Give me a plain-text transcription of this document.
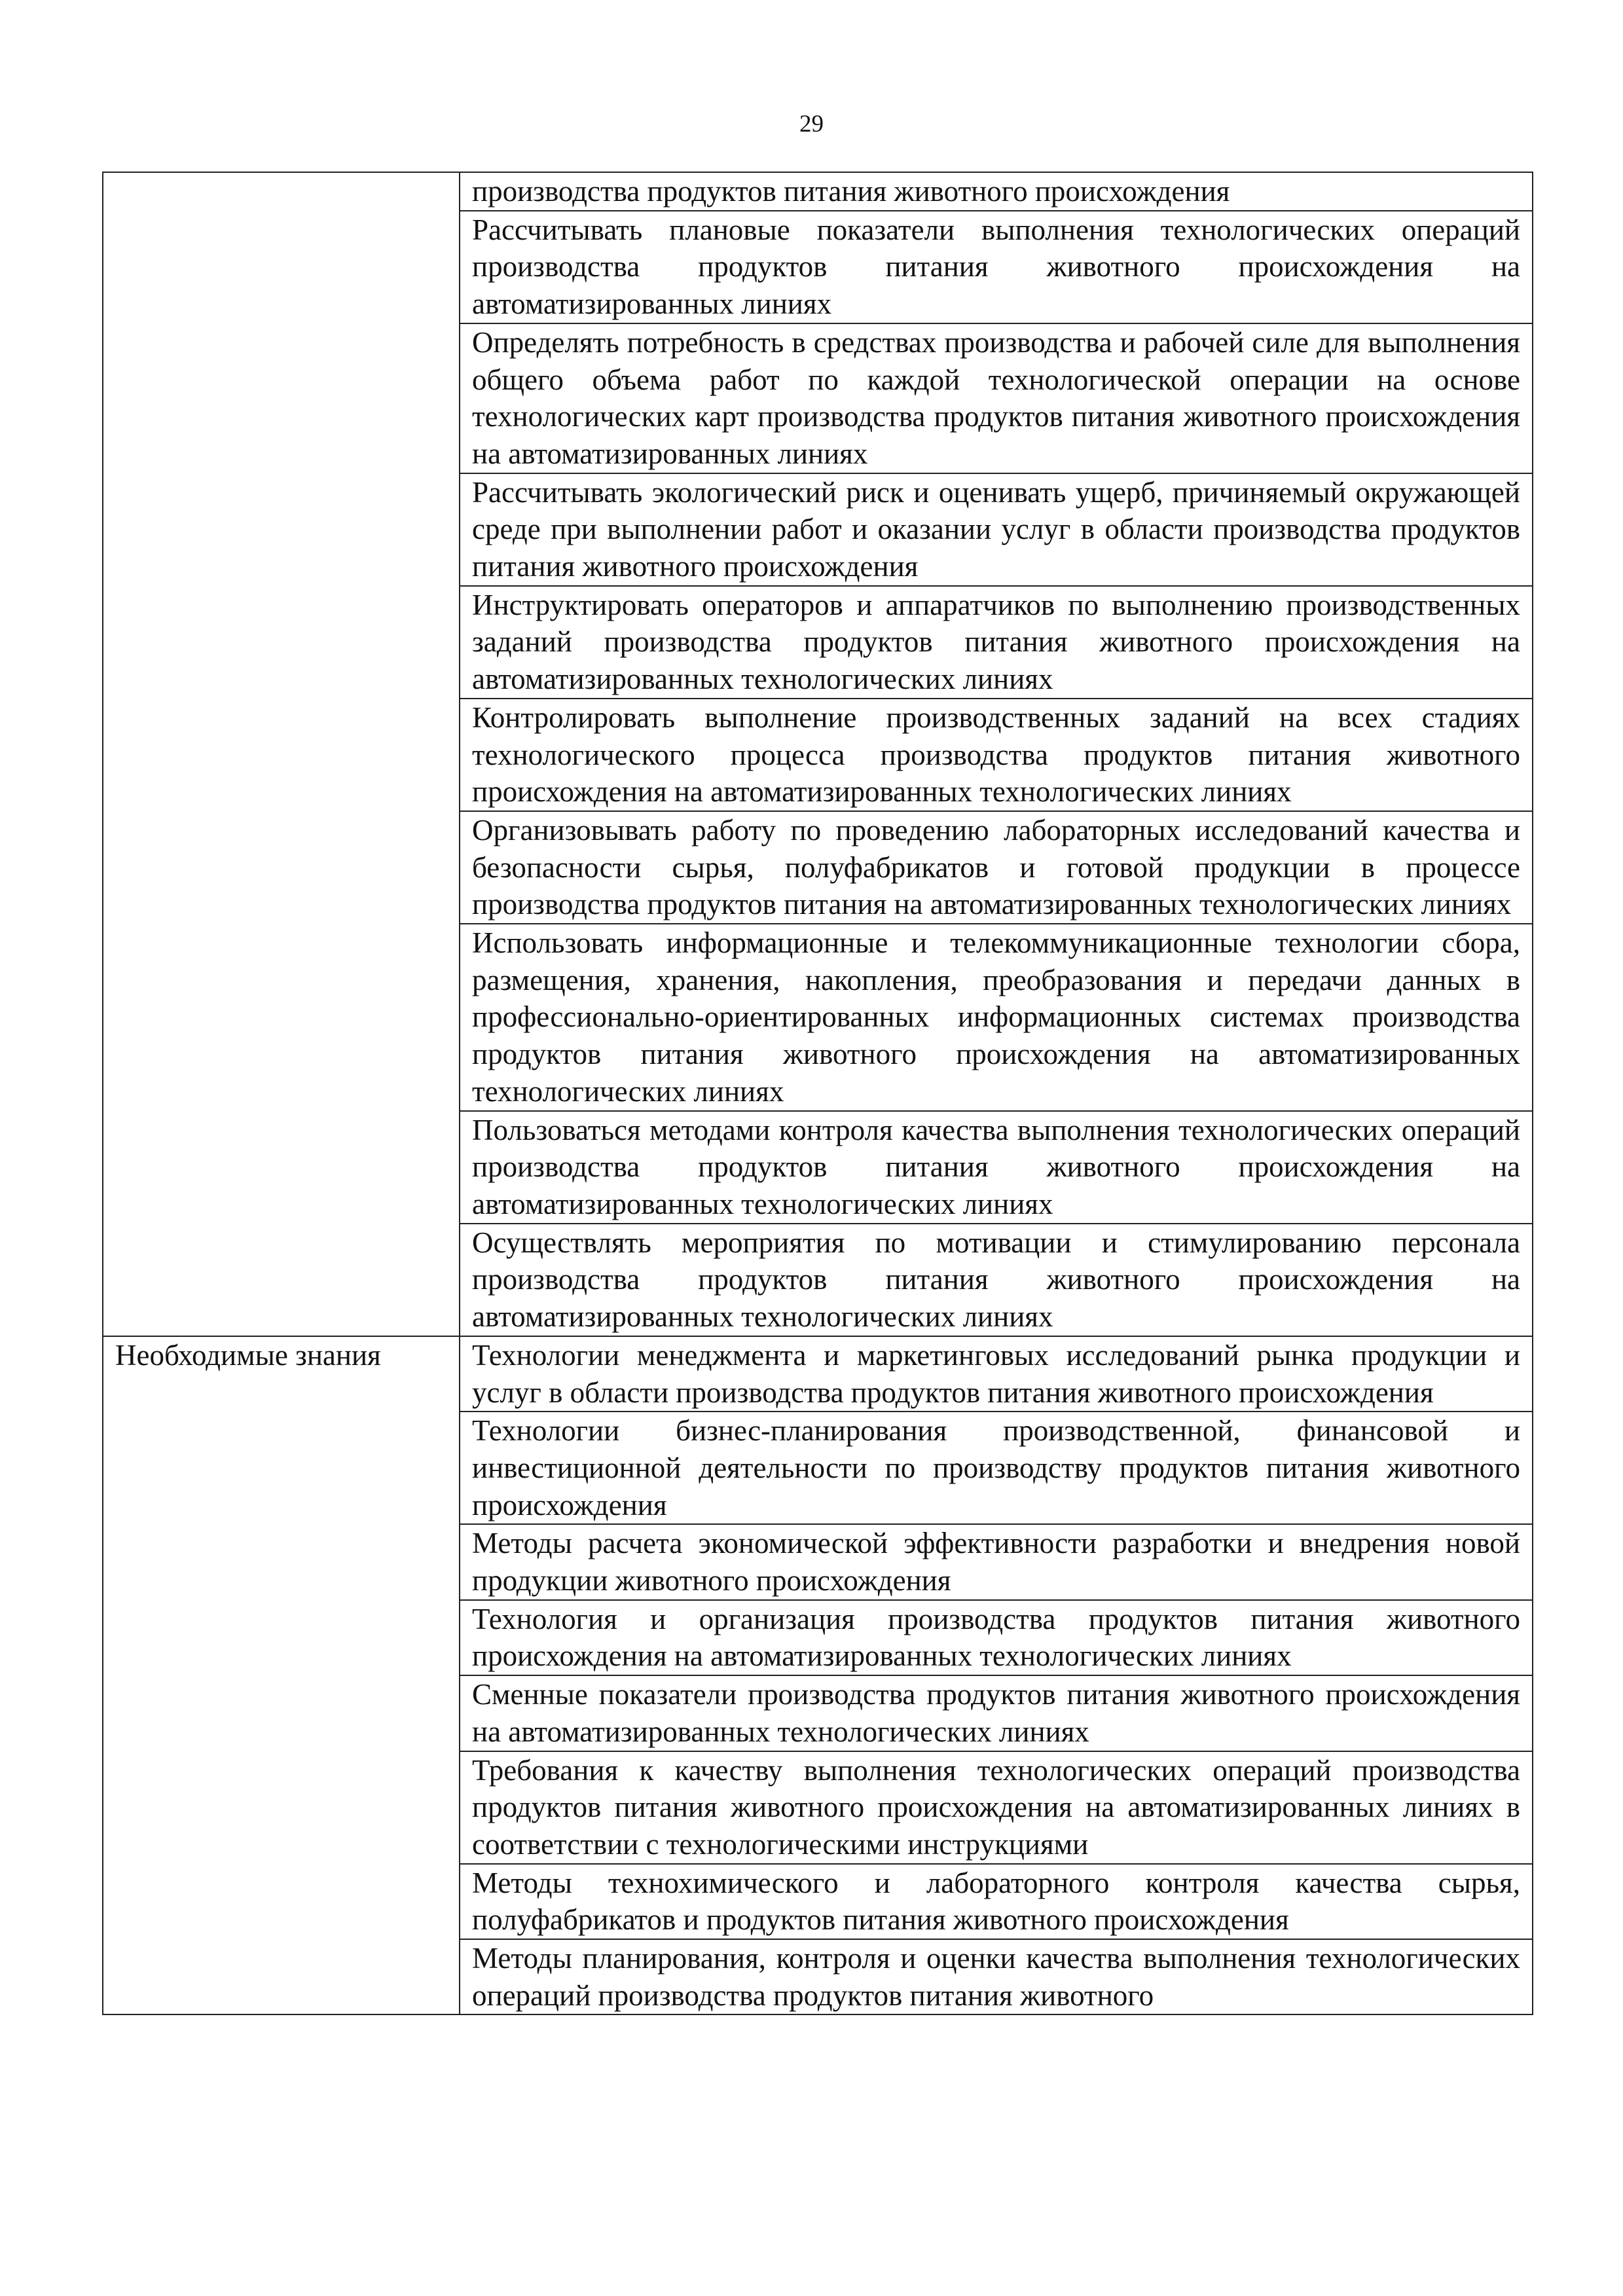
29

	производства продуктов питания животного происхождения

	Рассчитывать плановые показатели выполнения технологических операций производства продуктов питания животного происхождения на автоматизированных линиях

	Определять потребность в средствах производства и рабочей силе для выполнения общего объема работ по каждой технологической операции на основе технологических карт производства продуктов питания животного происхождения на автоматизированных линиях

	Рассчитывать экологический риск и оценивать ущерб, причиняемый окружающей среде при выполнении работ и оказании услуг в области производства продуктов питания животного происхождения

	Инструктировать операторов и аппаратчиков по выполнению производственных заданий производства продуктов питания животного происхождения на автоматизированных технологических линиях

	Контролировать выполнение производственных заданий на всех стадиях технологического процесса производства продуктов питания животного происхождения на автоматизированных технологических линиях

	Организовывать работу по проведению лабораторных исследований качества и безопасности сырья, полуфабрикатов и готовой продукции в процессе производства продуктов питания на автоматизированных технологических линиях

	Использовать информационные и телекоммуникационные технологии сбора, размещения, хранения, накопления, преобразования и передачи данных в профессионально-ориентированных информационных системах производства продуктов питания животного происхождения на автоматизированных технологических линиях

	Пользоваться методами контроля качества выполнения технологических операций производства продуктов питания животного происхождения на автоматизированных технологических линиях

	Осуществлять мероприятия по мотивации и стимулированию персонала производства продуктов питания животного происхождения на автоматизированных технологических линиях

Необходимые знания	Технологии менеджмента и маркетинговых исследований рынка продукции и услуг в области производства продуктов питания животного происхождения

	Технологии бизнес-планирования производственной, финансовой и инвестиционной деятельности по производству продуктов питания животного происхождения

	Методы расчета экономической эффективности разработки и внедрения новой продукции животного происхождения

	Технология и организация производства продуктов питания животного происхождения на автоматизированных технологических линиях

	Сменные показатели производства продуктов питания животного происхождения на автоматизированных технологических линиях

	Требования к качеству выполнения технологических операций производства продуктов питания животного происхождения на автоматизированных линиях в соответствии с технологическими инструкциями

	Методы технохимического и лабораторного контроля качества сырья, полуфабрикатов и продуктов питания животного происхождения

	Методы планирования, контроля и оценки качества выполнения технологических операций производства продуктов питания животного
